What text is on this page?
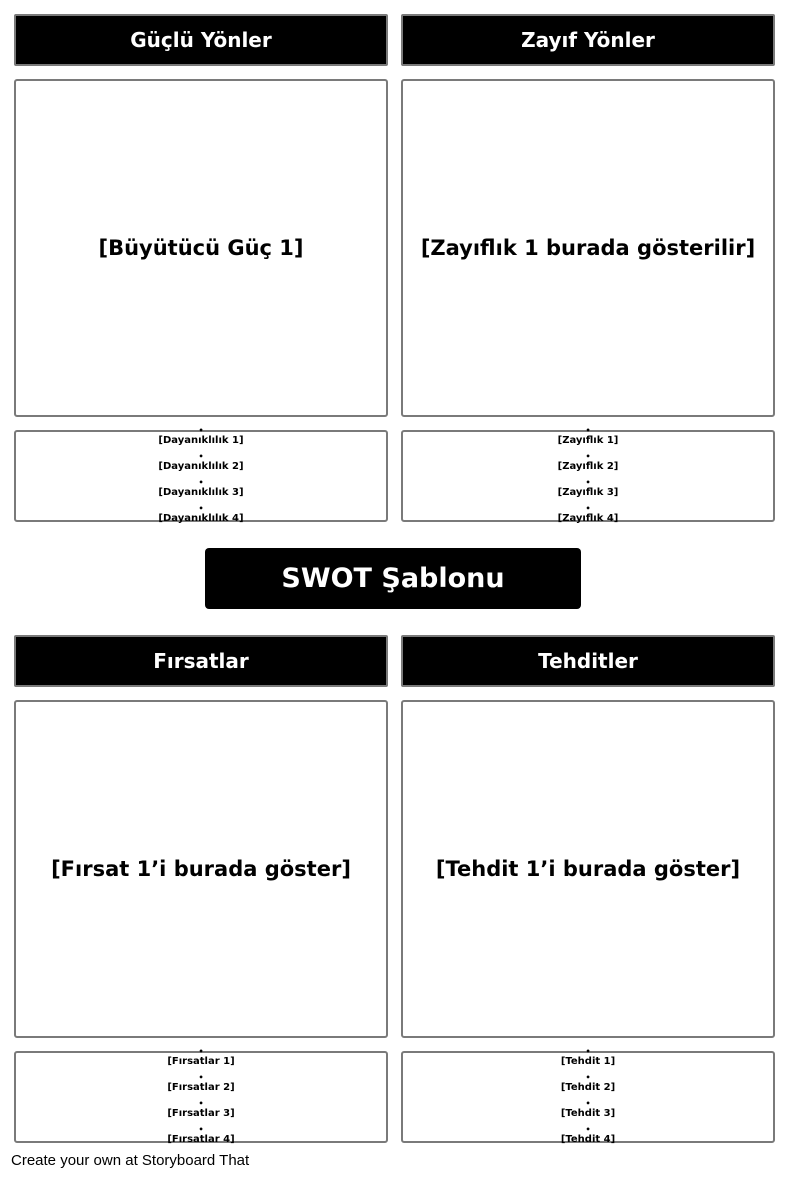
Güçlü Yönler
[Büyütücü Güç 1]
•
[Dayanıklılık 1]
•
[Dayanıklılık 2]
•
[Dayanıklılık 3]
•
[Dayanıklılık 4]
Zayıf Yönler
[Zayıflık 1 burada gösterilir]
•
[Zayıflık 1]
•
[Zayıflık 2]
•
[Zayıflık 3]
•
[Zayıflık 4]
SWOT Şablonu
Fırsatlar
[Fırsat 1’i burada göster]
•
[Fırsatlar 1]
•
[Fırsatlar 2]
•
[Fırsatlar 3]
•
[Fırsatlar 4]
Tehditler
[Tehdit 1’i burada göster]
•
[Tehdit 1]
•
[Tehdit 2]
•
[Tehdit 3]
•
[Tehdit 4]
Create your own at Storyboard That
